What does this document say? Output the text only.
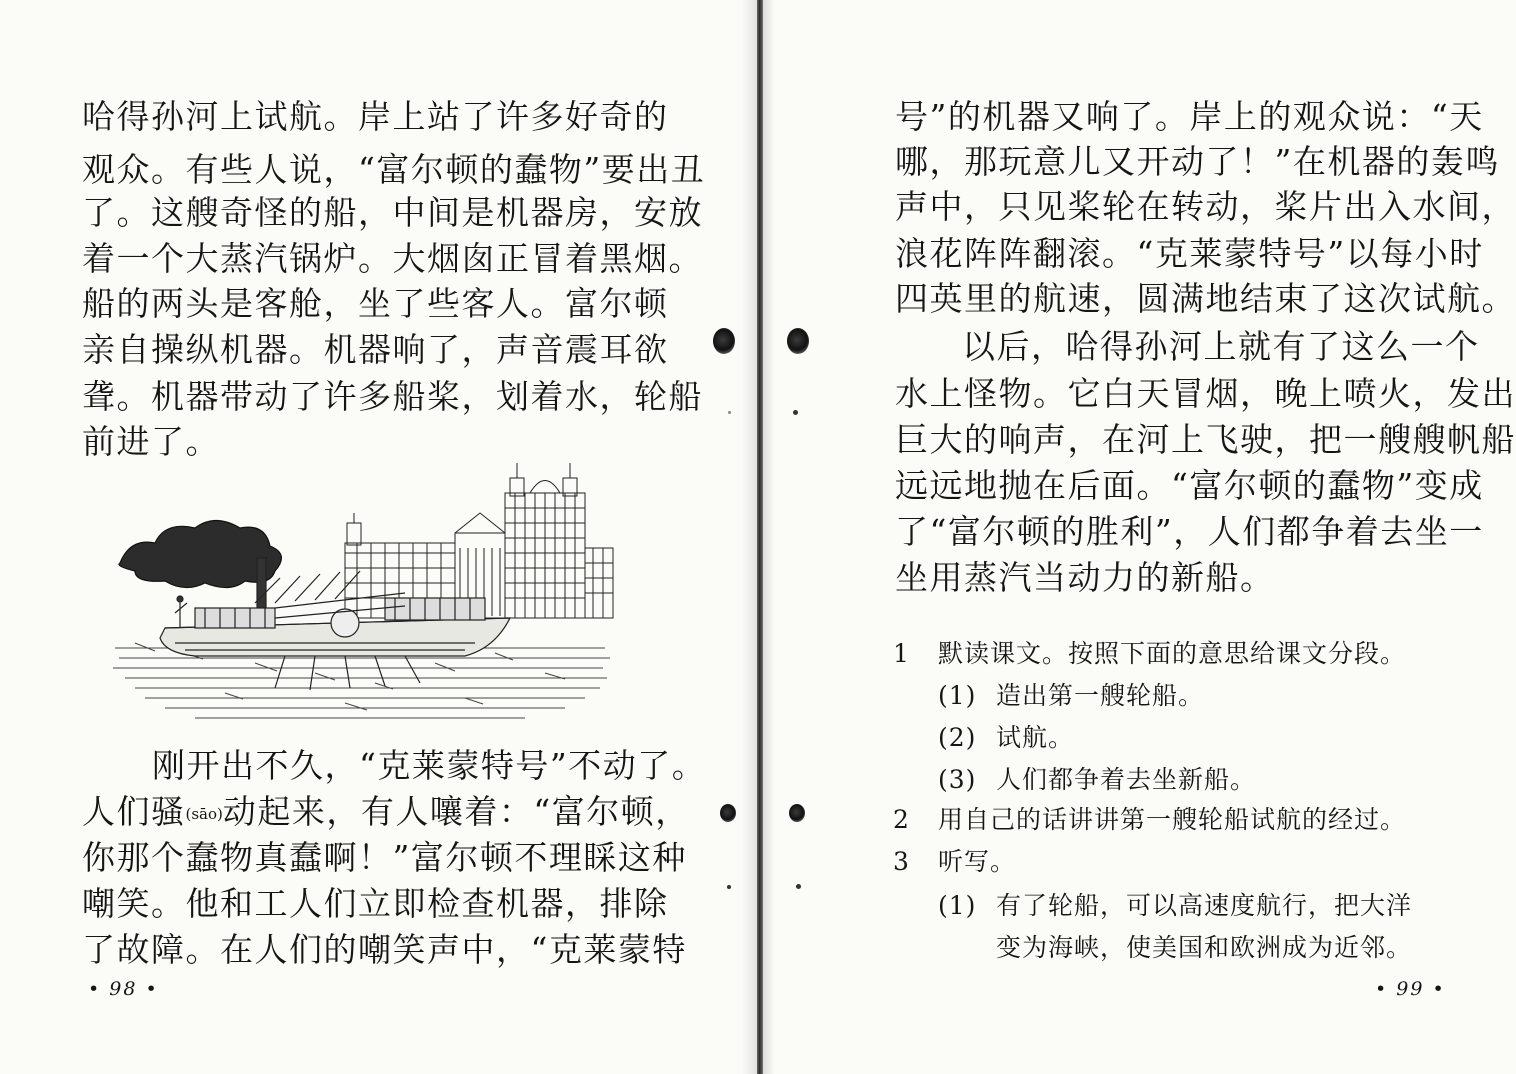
哈得孙河上试航。岸上站了许多好奇的
观众。有些人说，“富尔顿的蠢物”要出丑
了。这艘奇怪的船，中间是机器房，安放
着一个大蒸汽锅炉。大烟囱正冒着黑烟。
船的两头是客舱，坐了些客人。富尔顿
亲自操纵机器。机器响了，声音震耳欲
聋。机器带动了许多船桨，划着水，轮船
前进了。
刚开出不久，“克莱蒙特号”不动了。
人们骚(sāo)动起来，有人嚷着：“富尔顿，
你那个蠢物真蠢啊！”富尔顿不理睬这种
嘲笑。他和工人们立即检查机器，排除
了故障。在人们的嘲笑声中，“克莱蒙特
• 98 •
号”的机器又响了。岸上的观众说：“天
哪，那玩意儿又开动了！”在机器的轰鸣
声中，只见桨轮在转动，桨片出入水间，
浪花阵阵翻滚。“克莱蒙特号”以每小时
四英里的航速，圆满地结束了这次试航。
以后，哈得孙河上就有了这么一个
水上怪物。它白天冒烟，晚上喷火，发出
巨大的响声，在河上飞驶，把一艘艘帆船
远远地抛在后面。“富尔顿的蠢物”变成
了“富尔顿的胜利”，人们都争着去坐一
坐用蒸汽当动力的新船。
1 默读课文。按照下面的意思给课文分段。
(1) 造出第一艘轮船。
(2) 试航。
(3) 人们都争着去坐新船。
2 用自己的话讲讲第一艘轮船试航的经过。
3 听写。
(1) 有了轮船，可以高速度航行，把大洋
变为海峡，使美国和欧洲成为近邻。
• 99 •
